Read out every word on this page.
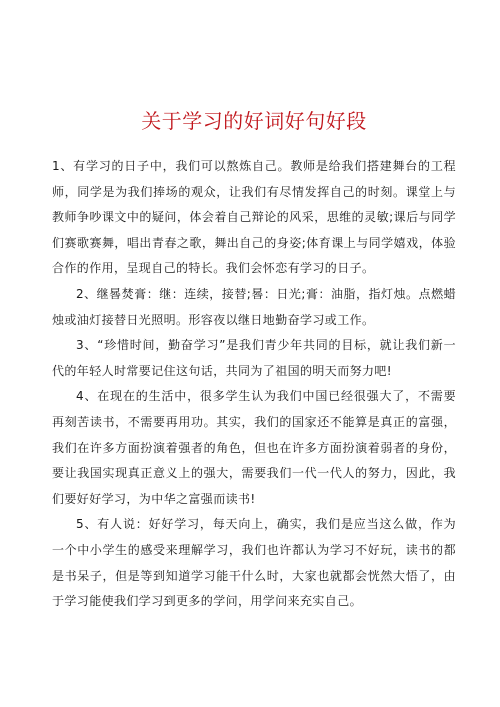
关于学习的好词好句好段

1、有学习的日子中，我们可以熬炼自己。教师是给我们搭建舞台的工程师，同学是为我们捧场的观众，让我们有尽情发挥自己的时刻。课堂上与教师争吵课文中的疑问，体会着自己辩论的风采，思维的灵敏;课后与同学们赛歌赛舞，唱出青春之歌，舞出自己的身姿;体育课上与同学嬉戏，体验合作的作用，呈现自己的特长。我们会怀恋有学习的日子。

2、继晷焚膏：继：连续，接替;晷：日光;膏：油脂，指灯烛。点燃蜡烛或油灯接替日光照明。形容夜以继日地勤奋学习或工作。

3、“珍惜时间，勤奋学习”是我们青少年共同的目标，就让我们新一代的年轻人时常要记住这句话，共同为了祖国的明天而努力吧!

4、在现在的生活中，很多学生认为我们中国已经很强大了，不需要再刻苦读书，不需要再用功。其实，我们的国家还不能算是真正的富强，我们在许多方面扮演着强者的角色，但也在许多方面扮演着弱者的身份，要让我国实现真正意义上的强大，需要我们一代一代人的努力，因此，我们要好好学习，为中华之富强而读书!

5、有人说：好好学习，每天向上，确实，我们是应当这么做，作为一个中小学生的感受来理解学习，我们也许都认为学习不好玩，读书的都是书呆子，但是等到知道学习能干什么时，大家也就都会恍然大悟了，由于学习能使我们学习到更多的学问，用学问来充实自己。
